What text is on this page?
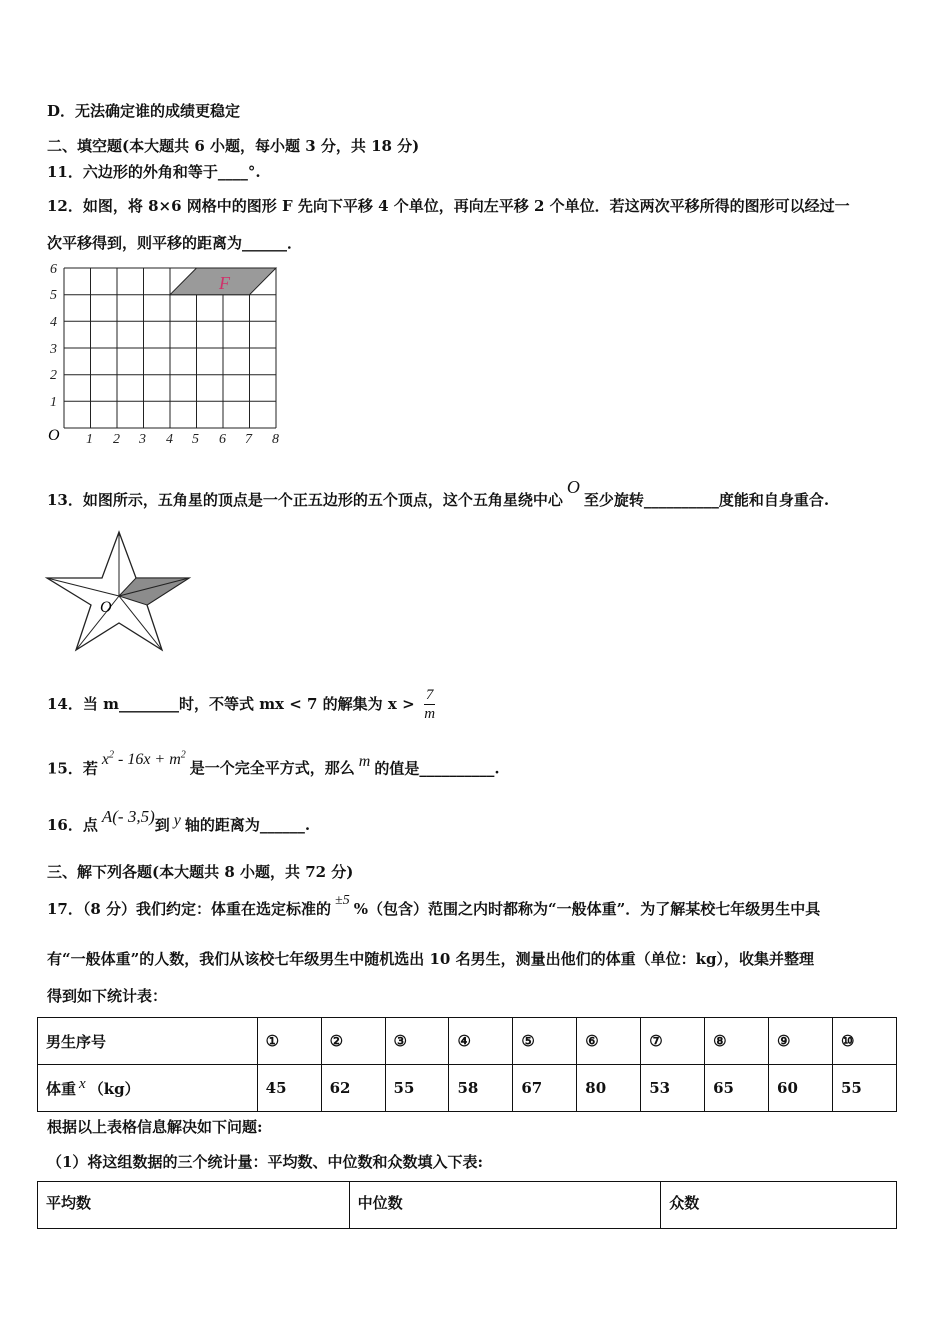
D．无法确定谁的成绩更稳定
二、填空题(本大题共 6 小题，每小题 3 分，共 18 分)
11．六边形的外角和等于____°.
12．如图，将 8×6 网格中的图形 F 先向下平移 4 个单位，再向左平移 2 个单位．若这两次平移所得的图形可以经过一
次平移得到，则平移的距离为______．
F
O 1 2 3 4 5 6 7 8
1
2
3
4
5
6
13．如图所示，五角星的顶点是一个正五边形的五个顶点，这个五角星绕中心O至少旋转__________度能和自身重合.
O
14．当 m________时，不等式 mx < 7 的解集为 $x > \frac{7}{m}$
15．若 $x^2 - 16x + m^2$是一个完全平方式，那么 m 的值是__________.
16．点 A(- 3,5)到 y 轴的距离为______.
三、解下列各题(本大题共 8 小题，共 72 分)
17．（8 分）我们约定：体重在选定标准的 ±5 %（包含）范围之内时都称为“一般体重”．为了解某校七年级男生中具
有“一般体重”的人数，我们从该校七年级男生中随机选出 10 名男生，测量出他们的体重（单位：kg），收集并整理
得到如下统计表：
男生序号	①	②	③	④	⑤	⑥	⑦	⑧	⑨	⑩
体重 x （kg）	45	62	55	58	67	80	53	65	60	55
根据以上表格信息解决如下问题:
（1）将这组数据的三个统计量：平均数、中位数和众数填入下表:
平均数	中位数	众数
